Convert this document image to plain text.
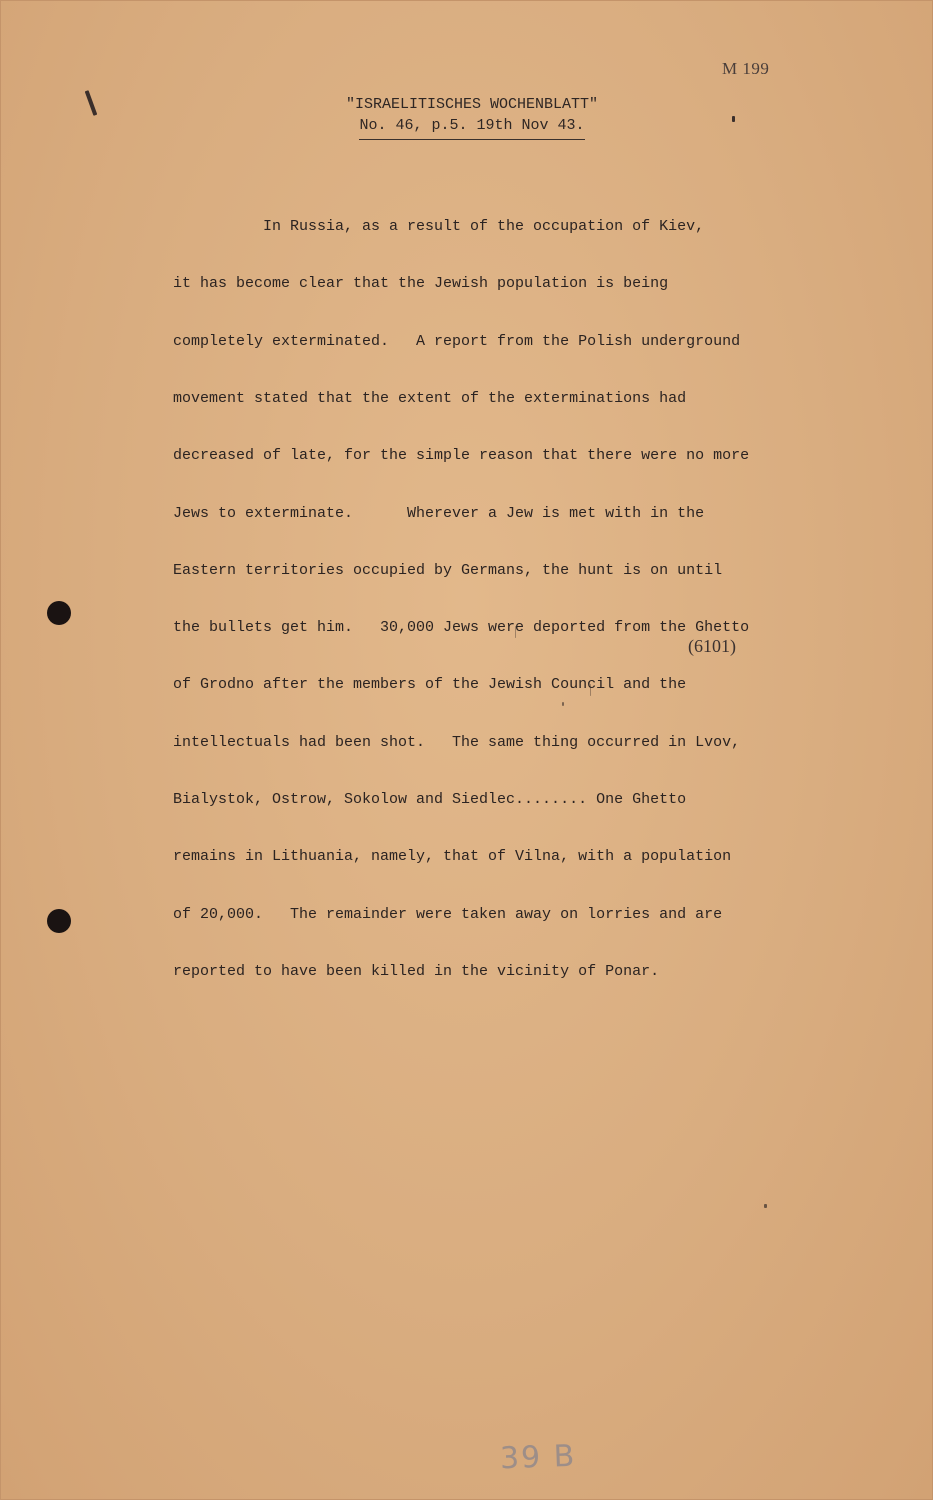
M 199
"ISRAELITISCHES WOCHENBLATT"
No. 46, p.5. 19th Nov 43.

In Russia, as a result of the occupation of Kiev,

it has become clear that the Jewish population is being

completely exterminated.   A report from the Polish underground

movement stated that the extent of the exterminations had

decreased of late, for the simple reason that there were no more

Jews to exterminate.      Wherever a Jew is met with in the

Eastern territories occupied by Germans, the hunt is on until

the bullets get him.   30,000 Jews were deported from the Ghetto

of Grodno after the members of the Jewish Council and the

intellectuals had been shot.   The same thing occurred in Lvov,

Bialystok, Ostrow, Sokolow and Siedlec........ One Ghetto

remains in Lithuania, namely, that of Vilna, with a population

of 20,000.   The remainder were taken away on lorries and are

reported to have been killed in the vicinity of Ponar.

(6101)
39 B
